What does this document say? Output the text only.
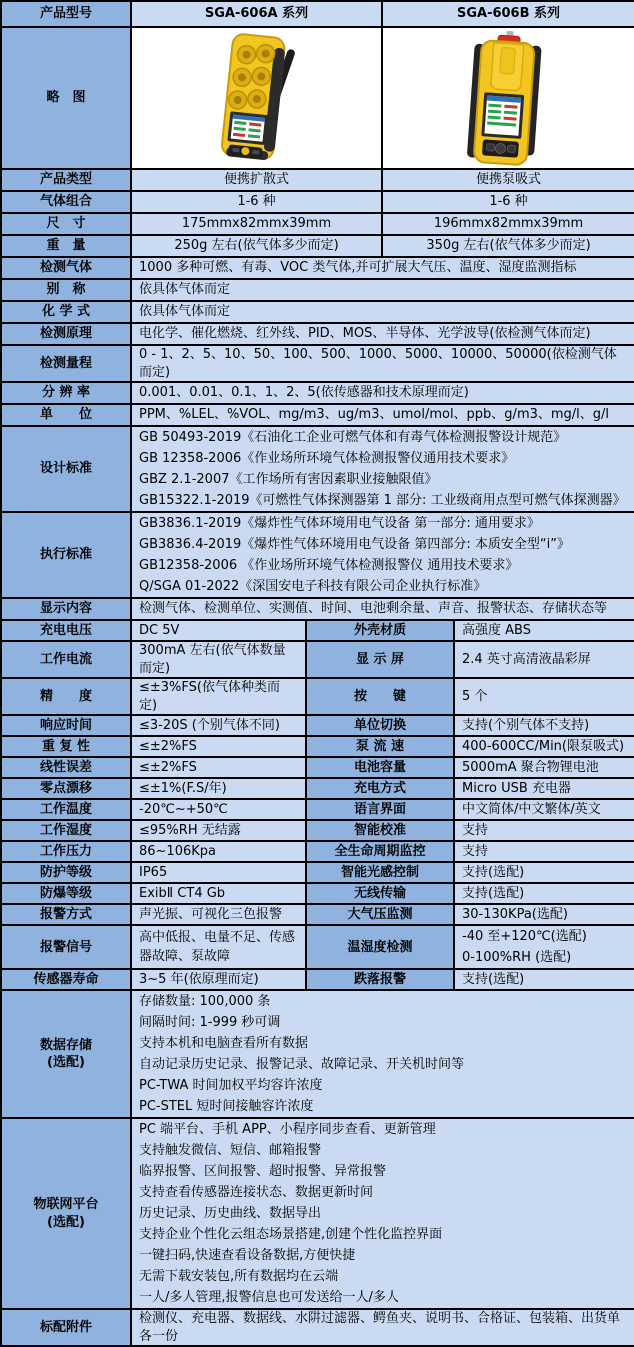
产品型号	SGA-606A 系列		SGA-606B 系列	
略　图	

产品类型	便携扩散式		便携泵吸式	
气体组合	1-6 种		1-6 种	
尺　寸	175mmx82mmx39mm		196mmx82mmx39mm	
重　量	250g 左右(依气体多少而定)		350g 左右(依气体多少而定)	
检测气体	1000 多种可燃、有毒、VOC 类气体,并可扩展大气压、温度、湿度监测指标			
别　称	依具体气体而定			
化 学 式	依具体气体而定			
检测原理	电化学、催化燃烧、红外线、PID、MOS、半导体、光学波导(依检测气体而定)			
检测量程	0 - 1、2、5、10、50、100、500、1000、5000、10000、50000(依检测气体而定)			
分 辨 率	0.001、0.01、0.1、1、2、5(依传感器和技术原理而定)			
单　　位	PPM、%LEL、%VOL、mg/m3、ug/m3、umol/mol、ppb、g/m3、mg/l、g/l			
设计标准	GB 50493-2019《石油化工企业可燃气体和有毒气体检测报警设计规范》
GB 12358-2006《作业场所环境气体检测报警仪通用技术要求》
GBZ 2.1-2007《工作场所有害因素职业接触限值》
GB15322.1-2019《可燃性气体探测器第 1 部分: 工业级商用点型可燃气体探测器》			

执行标准	GB3836.1-2019《爆炸性气体环境用电气设备 第一部分: 通用要求》
GB3836.4-2019《爆炸性气体环境用电气设备 第四部分: 本质安全型“i”》
GB12358-2006 《作业场所环境气体检测报警仪 通用技术要求》
Q/SGA 01-2022《深国安电子科技有限公司企业执行标准》			

显示内容	检测气体、检测单位、实测值、时间、电池剩余量、声音、报警状态、存储状态等			
充电电压	DC 5V	外壳材质		高强度 ABS
工作电流	300mA 左右(依气体数量而定)	显 示 屏		2.4 英寸高清液晶彩屏
精　　度	≤±3%FS(依气体种类而定)	按　　键		5 个
响应时间	≤3-20S (个别气体不同)	单位切换		支持(个别气体不支持)
重 复 性	≤±2%FS	泵 流 速		400-600CC/Min(限泵吸式)
线性误差	≤±2%FS	电池容量		5000mA 聚合物锂电池
零点漂移	≤±1%(F.S/年)	充电方式		Micro USB 充电器
工作温度	-20℃~+50℃	语言界面		中文简体/中文繁体/英文
工作湿度	≤95%RH 无结露	智能校准		支持
工作压力	86~106Kpa	全生命周期监控		支持
防护等级	IP65	智能光感控制		支持(选配)
防爆等级	ExibⅡ CT4 Gb	无线传输		支持(选配)
报警方式	声光振、可视化三色报警	大气压监测		30-130KPa(选配)
报警信号	高中低报、电量不足、传感器故障、泵故障	温湿度检测		-40 至+120℃(选配)
0-100%RH (选配)

传感器寿命	3~5 年(依原理而定)	跌落报警		支持(选配)

数据存储
(选配)

存储数量: 100,000 条
间隔时间: 1-999 秒可调
支持本机和电脑查看所有数据
自动记录历史记录、报警记录、故障记录、开关机时间等
PC-TWA 时间加权平均容许浓度
PC-STEL 短时间接触容许浓度

物联网平台
(选配)

PC 端平台、手机 APP、小程序同步查看、更新管理
支持触发微信、短信、邮箱报警
临界报警、区间报警、超时报警、异常报警
支持查看传感器连接状态、数据更新时间
历史记录、历史曲线、数据导出
支持企业个性化云组态场景搭建,创建个性化监控界面
一键扫码,快速查看设备数据,方便快捷
无需下载安装包,所有数据均在云端
一人/多人管理,报警信息也可发送给一人/多人

标配附件	检测仪、充电器、数据线、水阱过滤器、鳄鱼夹、说明书、合格证、包装箱、出货单各一份			
